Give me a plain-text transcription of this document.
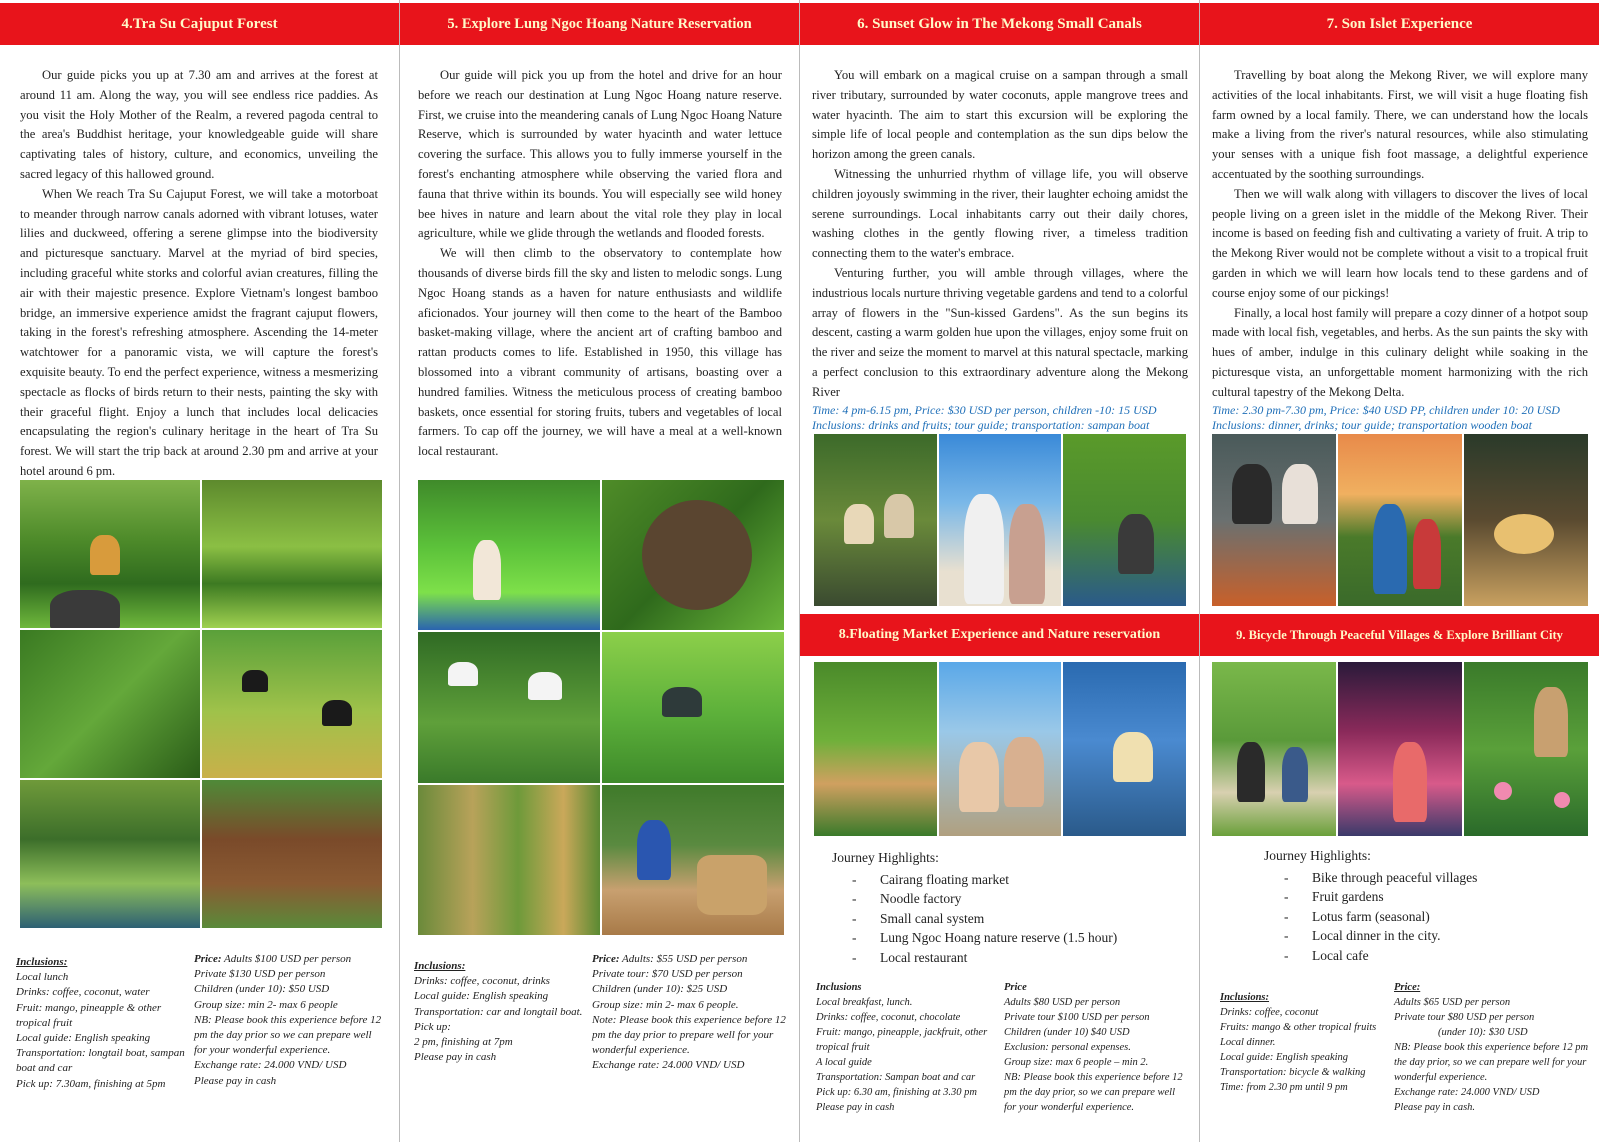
4.Tra Su Cajuput Forest

Our guide picks you up at 7.30 am and arrives at the forest at around 11 am. Along the way, you will see endless rice paddies. As you visit the Holy Mother of the Realm, a revered pagoda central to the area's Buddhist heritage, your knowledgeable guide will share captivating tales of history, culture, and economics, unveiling the sacred legacy of this hallowed ground.

When We reach Tra Su Cajuput Forest, we will take a motorboat to meander through narrow canals adorned with vibrant lotuses, water lilies and duckweed, offering a serene glimpse into the biodiversity and picturesque sanctuary. Marvel at the myriad of bird species, including graceful white storks and colorful avian creatures, filling the air with their majestic presence. Explore Vietnam's longest bamboo bridge, an immersive experience amidst the fragrant cajuput flowers, taking in the forest's refreshing atmosphere. Ascending the 14-meter watchtower for a panoramic vista, we will capture the forest's exquisite beauty. To end the perfect experience, witness a mesmerizing spectacle as flocks of birds return to their nests, painting the sky with their graceful flight. Enjoy a lunch that includes local delicacies encapsulating the region's culinary heritage in the heart of Tra Su forest. We will start the trip back at around 2.30 pm and arrive at your hotel around 6 pm.

Inclusions:
Local lunch
Drinks: coffee, coconut, water
Fruit: mango, pineapple & other tropical fruit
Local guide: English speaking
Transportation: longtail boat, sampan boat and car
Pick up: 7.30am, finishing at 5pm
Price: Adults $100 USD per person
Private $130 USD per person
Children (under 10): $50 USD
Group size: min 2- max 6 people
NB: Please book this experience before 12 pm the day prior so we can prepare well for your wonderful experience.
Exchange rate: 24.000 VND/ USD
Please pay in cash
5. Explore Lung Ngoc Hoang Nature Reservation

Our guide will pick you up from the hotel and drive for an hour before we reach our destination at Lung Ngoc Hoang nature reserve. First, we cruise into the meandering canals of Lung Ngoc Hoang Nature Reserve, which is surrounded by water hyacinth and water lettuce covering the surface. This allows you to fully immerse yourself in the forest's enchanting atmosphere while observing the varied flora and fauna that thrive within its bounds. You will especially see wild honey bee hives in nature and learn about the vital role they play in local agriculture, while we glide through the wetlands and flooded forests.

We will then climb to the observatory to contemplate how thousands of diverse birds fill the sky and listen to melodic songs. Lung Ngoc Hoang stands as a haven for nature enthusiasts and wildlife aficionados. Your journey will then come to the heart of the Bamboo basket-making village, where the ancient art of crafting bamboo and rattan products comes to life. Established in 1950, this village has blossomed into a vibrant community of artisans, boasting over a hundred families. Witness the meticulous process of creating bamboo baskets, once essential for storing fruits, tubers and vegetables of local farmers. To cap off the journey, we will have a meal at a well-known local restaurant.

Inclusions:
Drinks: coffee, coconut, drinks
Local guide: English speaking
Transportation: car and longtail boat.
Pick up:
2 pm, finishing at 7pm
Please pay in cash
Price: Adults: $55 USD per person
Private tour: $70 USD per person
Children (under 10): $25 USD
Group size: min 2- max 6 people.
Note: Please book this experience before 12 pm the day prior to prepare well for your wonderful experience.
Exchange rate: 24.000 VND/ USD
6. Sunset Glow in The Mekong Small Canals

You will embark on a magical cruise on a sampan through a small river tributary, surrounded by water coconuts, apple mangrove trees and water hyacinth. The aim to start this excursion will be exploring the simple life of local people and contemplation as the sun dips below the horizon among the green canals.

Witnessing the unhurried rhythm of village life, you will observe children joyously swimming in the river, their laughter echoing amidst the serene surroundings. Local inhabitants carry out their daily chores, washing clothes in the gently flowing river, a timeless tradition connecting them to the water's embrace.

Venturing further, you will amble through villages, where the industrious locals nurture thriving vegetable gardens and tend to a colorful array of flowers in the "Sun-kissed Gardens". As the sun begins its descent, casting a warm golden hue upon the villages, enjoy some fruit on the river and seize the moment to marvel at this natural spectacle, marking a perfect conclusion to this extraordinary adventure along the Mekong River

Time: 4 pm-6.15 pm, Price: $30 USD per person, children -10: 15 USD

Inclusions: drinks and fruits; tour guide; transportation: sampan boat

8.Floating Market Experience and Nature reservation
Journey Highlights:
- Cairang floating market
- Noodle factory
- Small canal system
- Lung Ngoc Hoang nature reserve (1.5 hour)
- Local restaurant
Inclusions
Local breakfast, lunch.
Drinks: coffee, coconut, chocolate
Fruit: mango, pineapple, jackfruit, other tropical fruit
A local guide
Transportation: Sampan boat and car
Pick up: 6.30 am, finishing at 3.30 pm
Please pay in cash
Price
Adults $80 USD per person
Private tour $100 USD per person
Children (under 10) $40 USD
Exclusion: personal expenses.
Group size: max 6 people – min 2.
NB: Please book this experience before 12 pm the day prior, so we can prepare well for your wonderful experience.
7. Son Islet Experience

Travelling by boat along the Mekong River, we will explore many activities of the local inhabitants. First, we will visit a huge floating fish farm owned by a local family. There, we can understand how the locals make a living from the river's natural resources, while also stimulating your senses with a unique fish foot massage, a delightful experience accentuated by the soothing surroundings.

Then we will walk along with villagers to discover the lives of local people living on a green islet in the middle of the Mekong River. Their income is based on feeding fish and cultivating a variety of fruit. A trip to the Mekong River would not be complete without a visit to a tropical fruit garden in which we will learn how locals tend to these gardens and of course enjoy some of our pickings!

Finally, a local host family will prepare a cozy dinner of a hotpot soup made with local fish, vegetables, and herbs. As the sun paints the sky with hues of amber, indulge in this culinary delight while soaking in the picturesque vista, an unforgettable moment harmonizing with the rich cultural tapestry of the Mekong Delta.

Time: 2.30 pm-7.30 pm, Price: $40 USD PP, children under 10: 20 USD

Inclusions: dinner, drinks; tour guide; transportation wooden boat

9. Bicycle Through Peaceful Villages & Explore Brilliant City
Journey Highlights:
- Bike through peaceful villages
- Fruit gardens
- Lotus farm (seasonal)
- Local dinner in the city.
- Local cafe
Inclusions:
Drinks: coffee, coconut
Fruits: mango & other tropical fruits
Local dinner.
Local guide: English speaking
Transportation: bicycle & walking
Time: from 2.30 pm until 9 pm
Price:
Adults $65 USD per person
Private tour $80 USD per person
(under 10): $30 USD
NB: Please book this experience before 12 pm the day prior, so we can prepare well for your wonderful experience.
Exchange rate: 24.000 VND/ USD
Please pay in cash.
